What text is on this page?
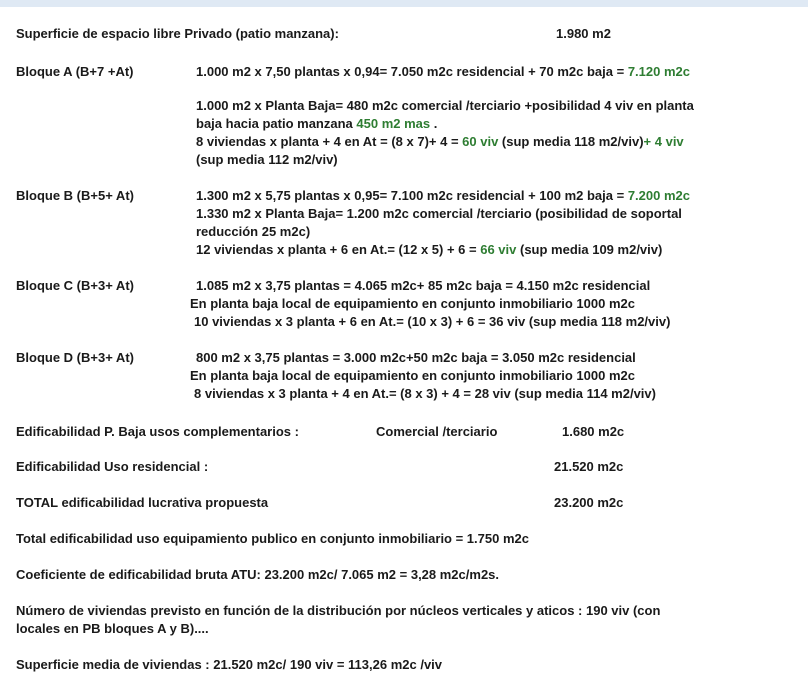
Superficie de espacio libre Privado (patio manzana):	1.980 m2
Bloque A (B+7 +At)	1.000 m2 x 7,50 plantas x 0,94= 7.050 m2c residencial + 70 m2c baja = 7.120 m2c
1.000 m2 x Planta Baja= 480 m2c comercial /terciario +posibilidad 4 viv en planta
baja hacia patio manzana 450 m2 mas .
8 viviendas x planta + 4 en At = (8 x 7)+ 4 = 60 viv (sup media 118 m2/viv)+ 4 viv
(sup media 112 m2/viv)
Bloque B (B+5+ At)	1.300 m2 x 5,75 plantas x 0,95= 7.100 m2c residencial + 100 m2 baja = 7.200 m2c
1.330 m2 x Planta Baja= 1.200 m2c comercial /terciario (posibilidad de soportal
reducción 25 m2c)
12 viviendas x planta + 6 en At.= (12 x 5) + 6 = 66 viv (sup media 109 m2/viv)
Bloque C (B+3+ At)	1.085 m2 x 3,75 plantas = 4.065 m2c+ 85 m2c baja = 4.150 m2c residencial
En planta baja local de equipamiento en conjunto inmobiliario 1000 m2c
10 viviendas x 3 planta + 6 en At.= (10 x 3) + 6 = 36 viv (sup media 118 m2/viv)
Bloque D (B+3+ At)	800 m2 x 3,75 plantas = 3.000 m2c+50 m2c baja = 3.050 m2c residencial
En planta baja local de equipamiento en conjunto inmobiliario 1000 m2c
8 viviendas x 3 planta + 4 en At.= (8 x 3) + 4 = 28 viv (sup media 114 m2/viv)
Edificabilidad P. Baja usos complementarios :	Comercial /terciario	1.680 m2c
Edificabilidad Uso residencial :	21.520 m2c
TOTAL edificabilidad lucrativa propuesta	23.200 m2c
Total edificabilidad uso equipamiento publico en conjunto inmobiliario = 1.750 m2c
Coeficiente de edificabilidad bruta ATU: 23.200 m2c/ 7.065 m2 = 3,28 m2c/m2s.
Número de viviendas previsto en función de la distribución por núcleos verticales y aticos : 190 viv (con
locales en PB bloques A y B)....
Superficie media de viviendas : 21.520 m2c/ 190 viv = 113,26 m2c /viv
